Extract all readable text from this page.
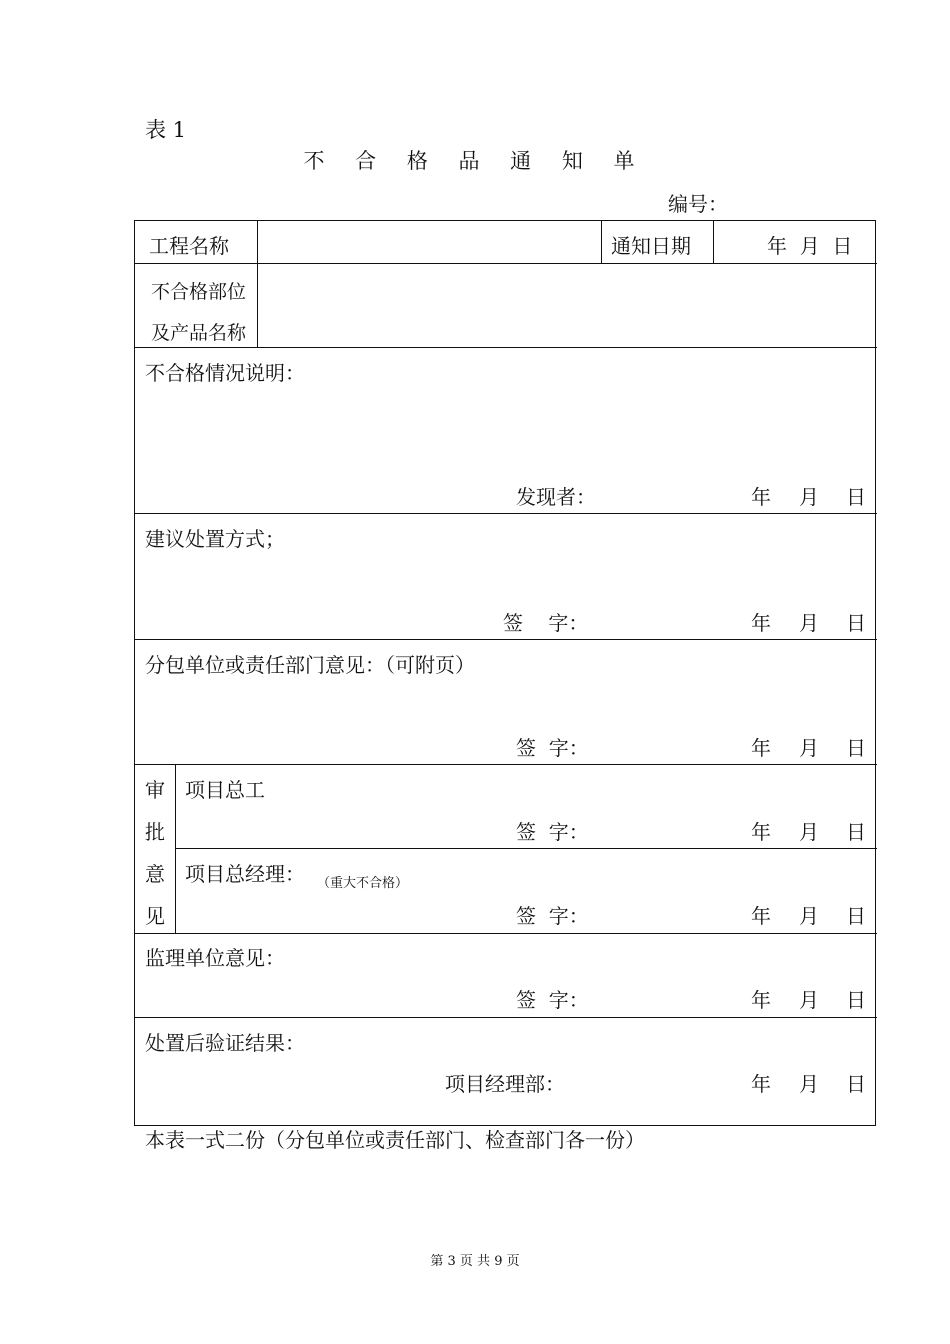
表 1
不 合 格 品 通 知 单
编号：
工程名称	通知日期	年  月  日
不合格部位
及产品名称
不合格情况说明：
发现者：	年 月 日
建议处置方式；
签    字：	年 月 日
分包单位或责任部门意见：（可附页）
签  字：	年 月 日
审
批
意
见
项目总工
签  字：	年 月 日
项目总经理： （重大不合格）
签  字：	年 月 日
监理单位意见：
签  字：	年 月 日
处置后验证结果：
项目经理部：	年 月 日
本表一式二份（分包单位或责任部门、检查部门各一份）
第 3 页 共 9 页
